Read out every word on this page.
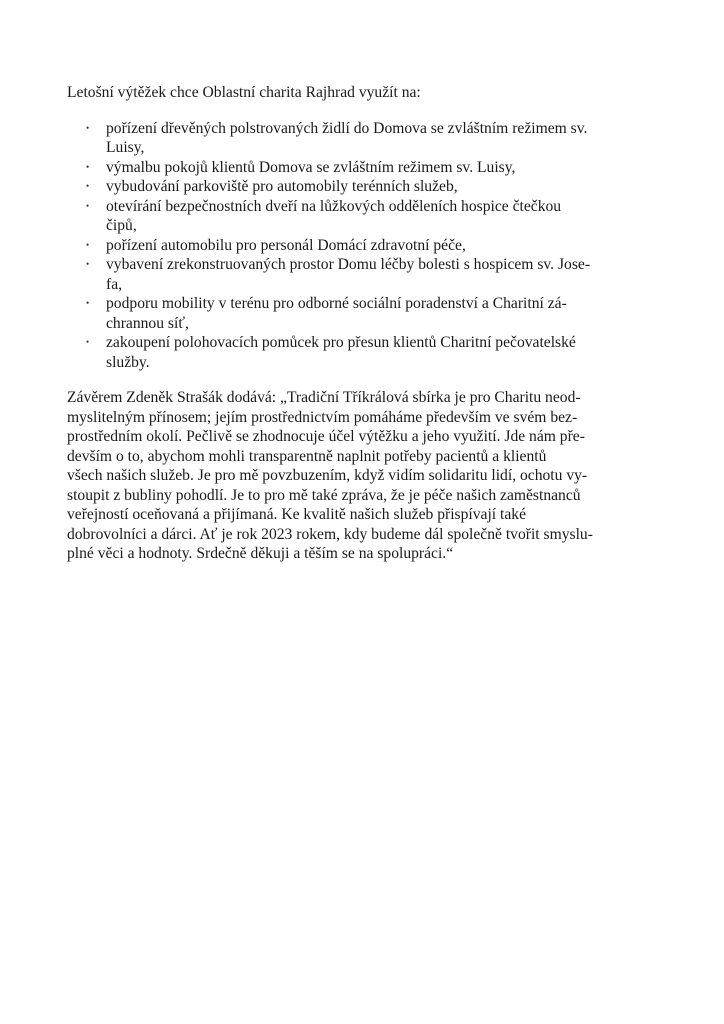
Letošní výtěžek chce Oblastní charita Rajhrad využít na:
•	pořízení dřevěných polstrovaných židlí do Domova se zvláštním režimem sv.
Luisy,
•	výmalbu pokojů klientů Domova se zvláštním režimem sv. Luisy,
•	vybudování parkoviště pro automobily terénních služeb,
•	otevírání bezpečnostních dveří na lůžkových odděleních hospice čtečkou
čipů,
•	pořízení automobilu pro personál Domácí zdravotní péče,
•	vybavení zrekonstruovaných prostor Domu léčby bolesti s hospicem sv. Jose-
fa,
•	podporu mobility v terénu pro odborné sociální poradenství a Charitní zá-
chrannou síť,
•	zakoupení polohovacích pomůcek pro přesun klientů Charitní pečovatelské
služby.
Závěrem Zdeněk Strašák dodává: „Tradiční Tříkrálová sbírka je pro Charitu neod-
myslitelným přínosem; jejím prostřednictvím pomáháme především ve svém bez-
prostředním okolí. Pečlivě se zhodnocuje účel výtěžku a jeho využití. Jde nám pře-
devším o to, abychom mohli transparentně naplnit potřeby pacientů a klientů
všech našich služeb. Je pro mě povzbuzením, když vidím solidaritu lidí, ochotu vy-
stoupit z bubliny pohodlí. Je to pro mě také zpráva, že je péče našich zaměstnanců
veřejností oceňovaná a přijímaná. Ke kvalitě našich služeb přispívají také
dobrovolníci a dárci. Ať je rok 2023 rokem, kdy budeme dál společně tvořit smyslu-
plné věci a hodnoty. Srdečně děkuji a těším se na spolupráci.“
